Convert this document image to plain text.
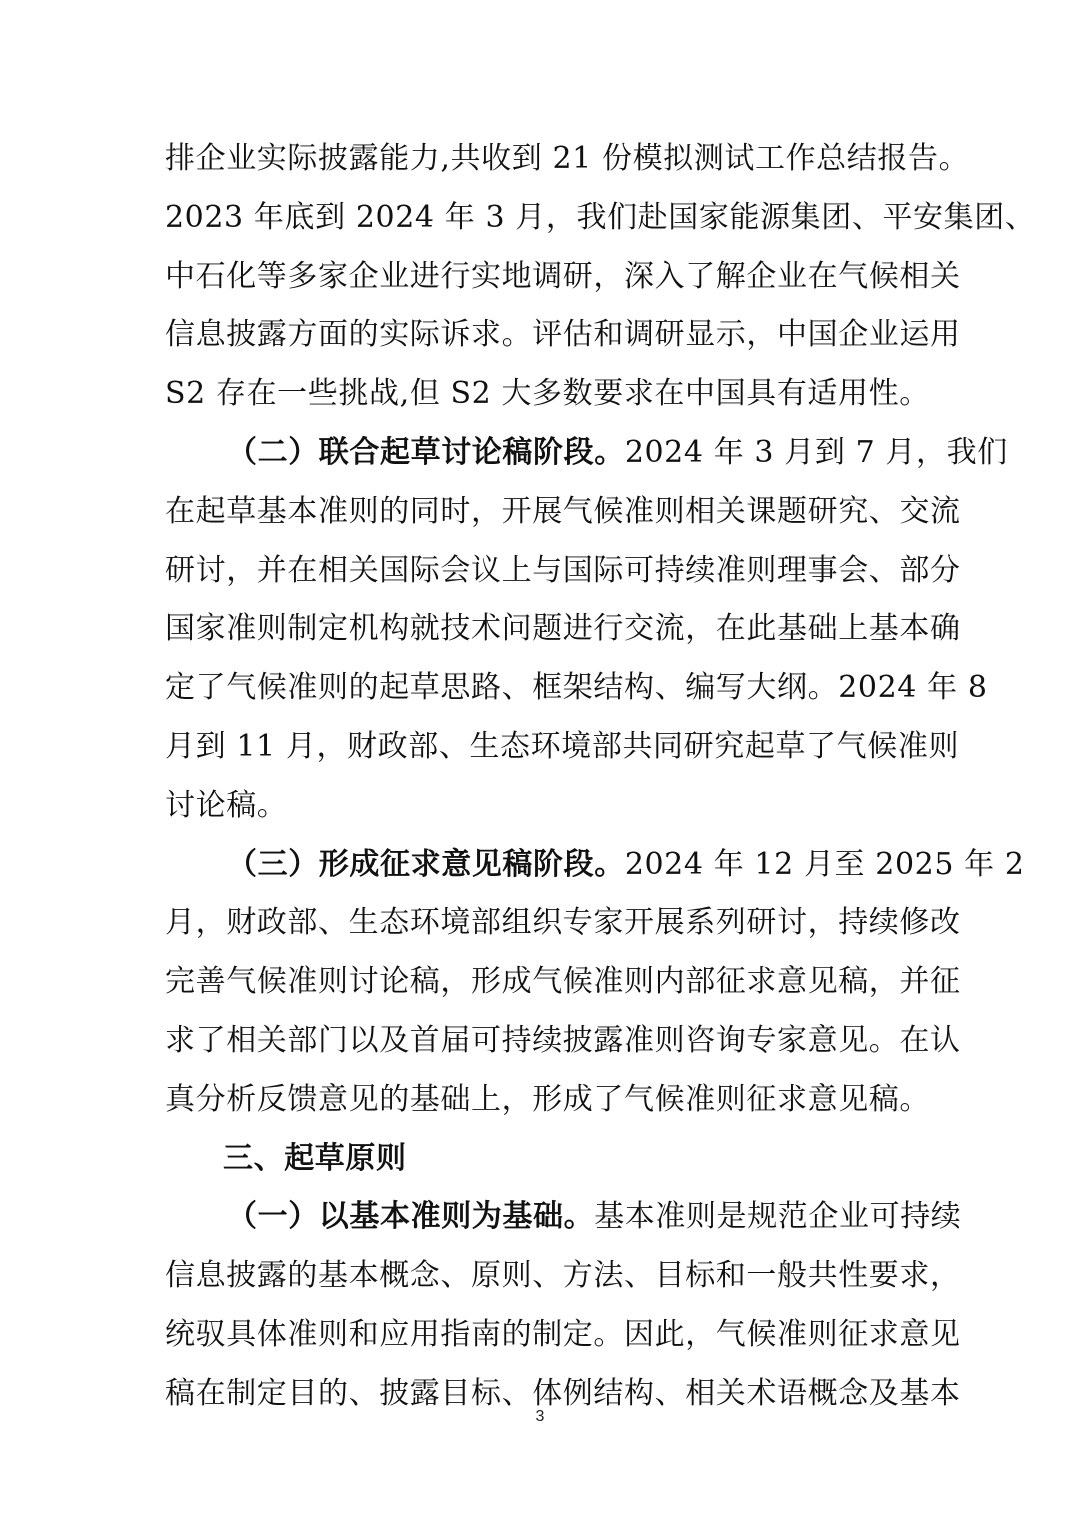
排企业实际披露能力,共收到 21 份模拟测试工作总结报告。
2023 年底到 2024 年 3 月，我们赴国家能源集团、平安集团、
中石化等多家企业进行实地调研，深入了解企业在气候相关
信息披露方面的实际诉求。评估和调研显示，中国企业运用
S2 存在一些挑战,但 S2 大多数要求在中国具有适用性。
（二）联合起草讨论稿阶段。2024 年 3 月到 7 月，我们
在起草基本准则的同时，开展气候准则相关课题研究、交流
研讨，并在相关国际会议上与国际可持续准则理事会、部分
国家准则制定机构就技术问题进行交流，在此基础上基本确
定了气候准则的起草思路、框架结构、编写大纲。2024 年 8
月到 11 月，财政部、生态环境部共同研究起草了气候准则
讨论稿。
（三）形成征求意见稿阶段。2024 年 12 月至 2025 年 2
月，财政部、生态环境部组织专家开展系列研讨，持续修改
完善气候准则讨论稿，形成气候准则内部征求意见稿，并征
求了相关部门以及首届可持续披露准则咨询专家意见。在认
真分析反馈意见的基础上，形成了气候准则征求意见稿。
三、起草原则
（一）以基本准则为基础。基本准则是规范企业可持续
信息披露的基本概念、原则、方法、目标和一般共性要求，
统驭具体准则和应用指南的制定。因此，气候准则征求意见
稿在制定目的、披露目标、体例结构、相关术语概念及基本
3
